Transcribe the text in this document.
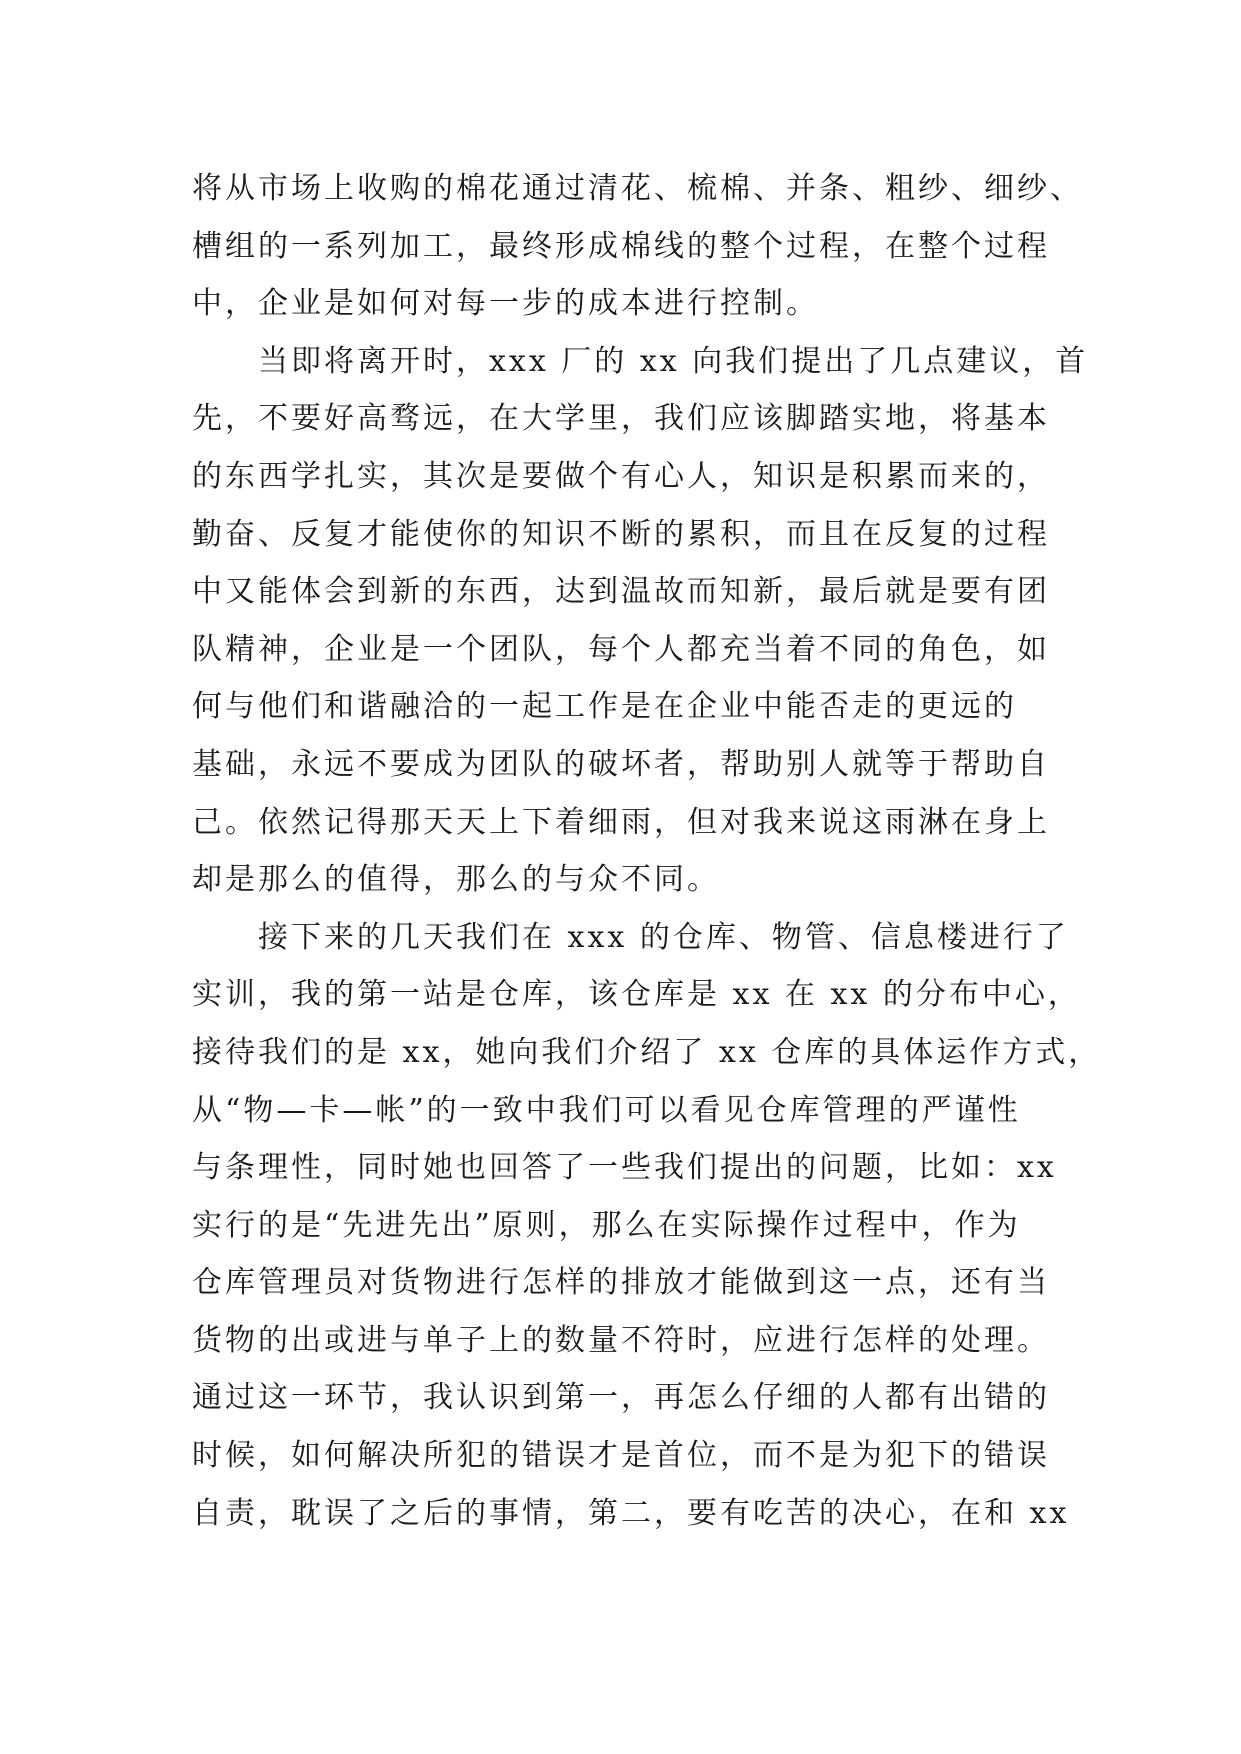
将从市场上收购的棉花通过清花、梳棉、并条、粗纱、细纱、
槽组的一系列加工，最终形成棉线的整个过程，在整个过程
中，企业是如何对每一步的成本进行控制。
　　当即将离开时，xxx 厂的 xx 向我们提出了几点建议，首
先，不要好高骛远，在大学里，我们应该脚踏实地，将基本
的东西学扎实，其次是要做个有心人，知识是积累而来的，
勤奋、反复才能使你的知识不断的累积，而且在反复的过程
中又能体会到新的东西，达到温故而知新，最后就是要有团
队精神，企业是一个团队，每个人都充当着不同的角色，如
何与他们和谐融洽的一起工作是在企业中能否走的更远的
基础，永远不要成为团队的破坏者，帮助别人就等于帮助自
己。依然记得那天天上下着细雨，但对我来说这雨淋在身上
却是那么的值得，那么的与众不同。
　　接下来的几天我们在 xxx 的仓库、物管、信息楼进行了
实训，我的第一站是仓库，该仓库是 xx 在 xx 的分布中心，
接待我们的是 xx，她向我们介绍了 xx 仓库的具体运作方式，
从“物—卡—帐”的一致中我们可以看见仓库管理的严谨性
与条理性，同时她也回答了一些我们提出的问题，比如：xx
实行的是“先进先出”原则，那么在实际操作过程中，作为
仓库管理员对货物进行怎样的排放才能做到这一点，还有当
货物的出或进与单子上的数量不符时，应进行怎样的处理。
通过这一环节，我认识到第一，再怎么仔细的人都有出错的
时候，如何解决所犯的错误才是首位，而不是为犯下的错误
自责，耽误了之后的事情，第二，要有吃苦的决心，在和 xx
